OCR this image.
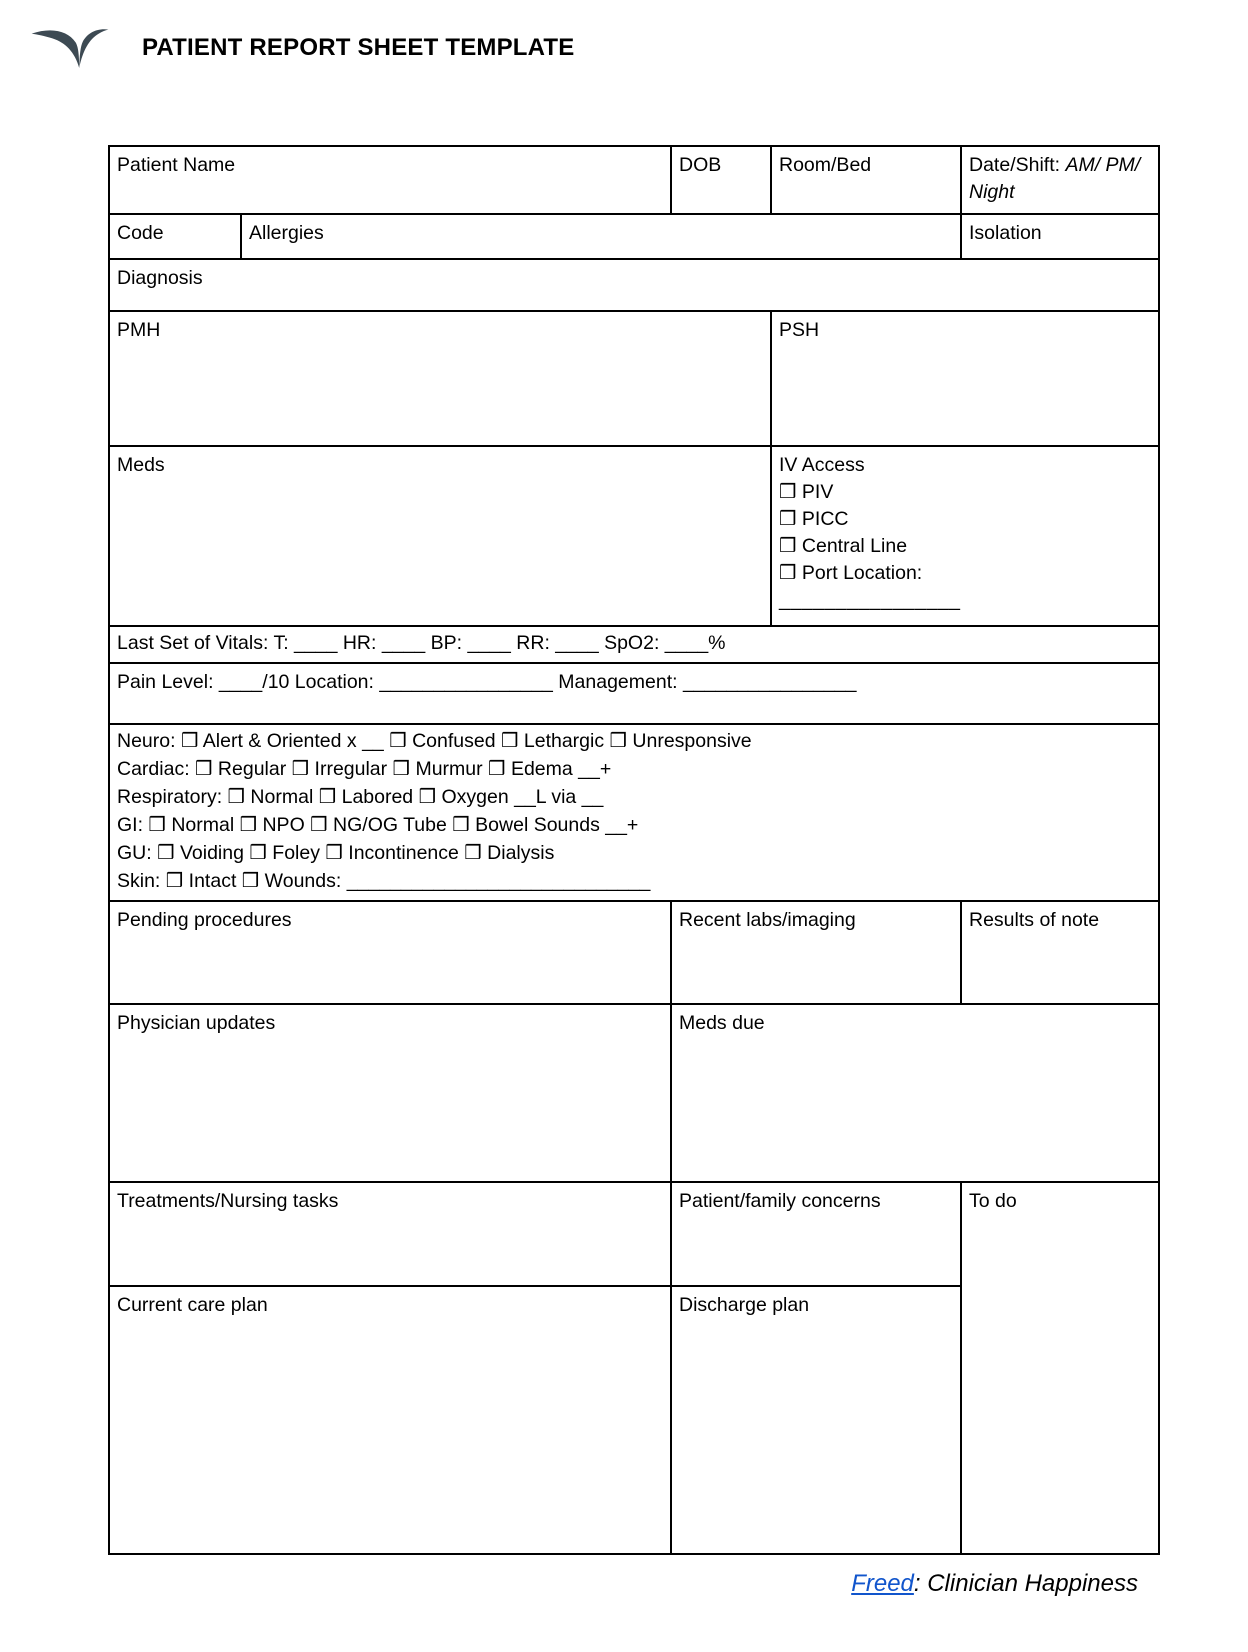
PATIENT REPORT SHEET TEMPLATE
Patient Name		DOB	Room/Bed	Date/Shift: AM/ PM/ Night
Code	Allergies			Isolation
Diagnosis				
PMH			PSH	
Meds	IV Access
❒ PIV
❒ PICC
❒ Central Line
❒ Port Location:
________________

Last Set of Vitals: T: ____ HR: ____ BP: ____ RR: ____ SpO2: ____%				
Pain Level: ____/10 Location: ________________ Management: ________________				

Neuro: ❒ Alert & Oriented x __ ❒ Confused ❒ Lethargic ❒ Unresponsive
Cardiac: ❒ Regular ❒ Irregular ❒ Murmur ❒ Edema __+
Respiratory: ❒ Normal ❒ Labored ❒ Oxygen __L via __
GI: ❒ Normal ❒ NPO ❒ NG/OG Tube ❒ Bowel Sounds __+
GU: ❒ Voiding ❒ Foley ❒ Incontinence ❒ Dialysis
Skin: ❒ Intact ❒ Wounds: ____________________________

Pending procedures		Recent labs/imaging		Results of note
Physician updates		Meds due		
Treatments/Nursing tasks		Patient/family concerns		To do
Current care plan		Discharge plan		
Freed: Clinician Happiness
